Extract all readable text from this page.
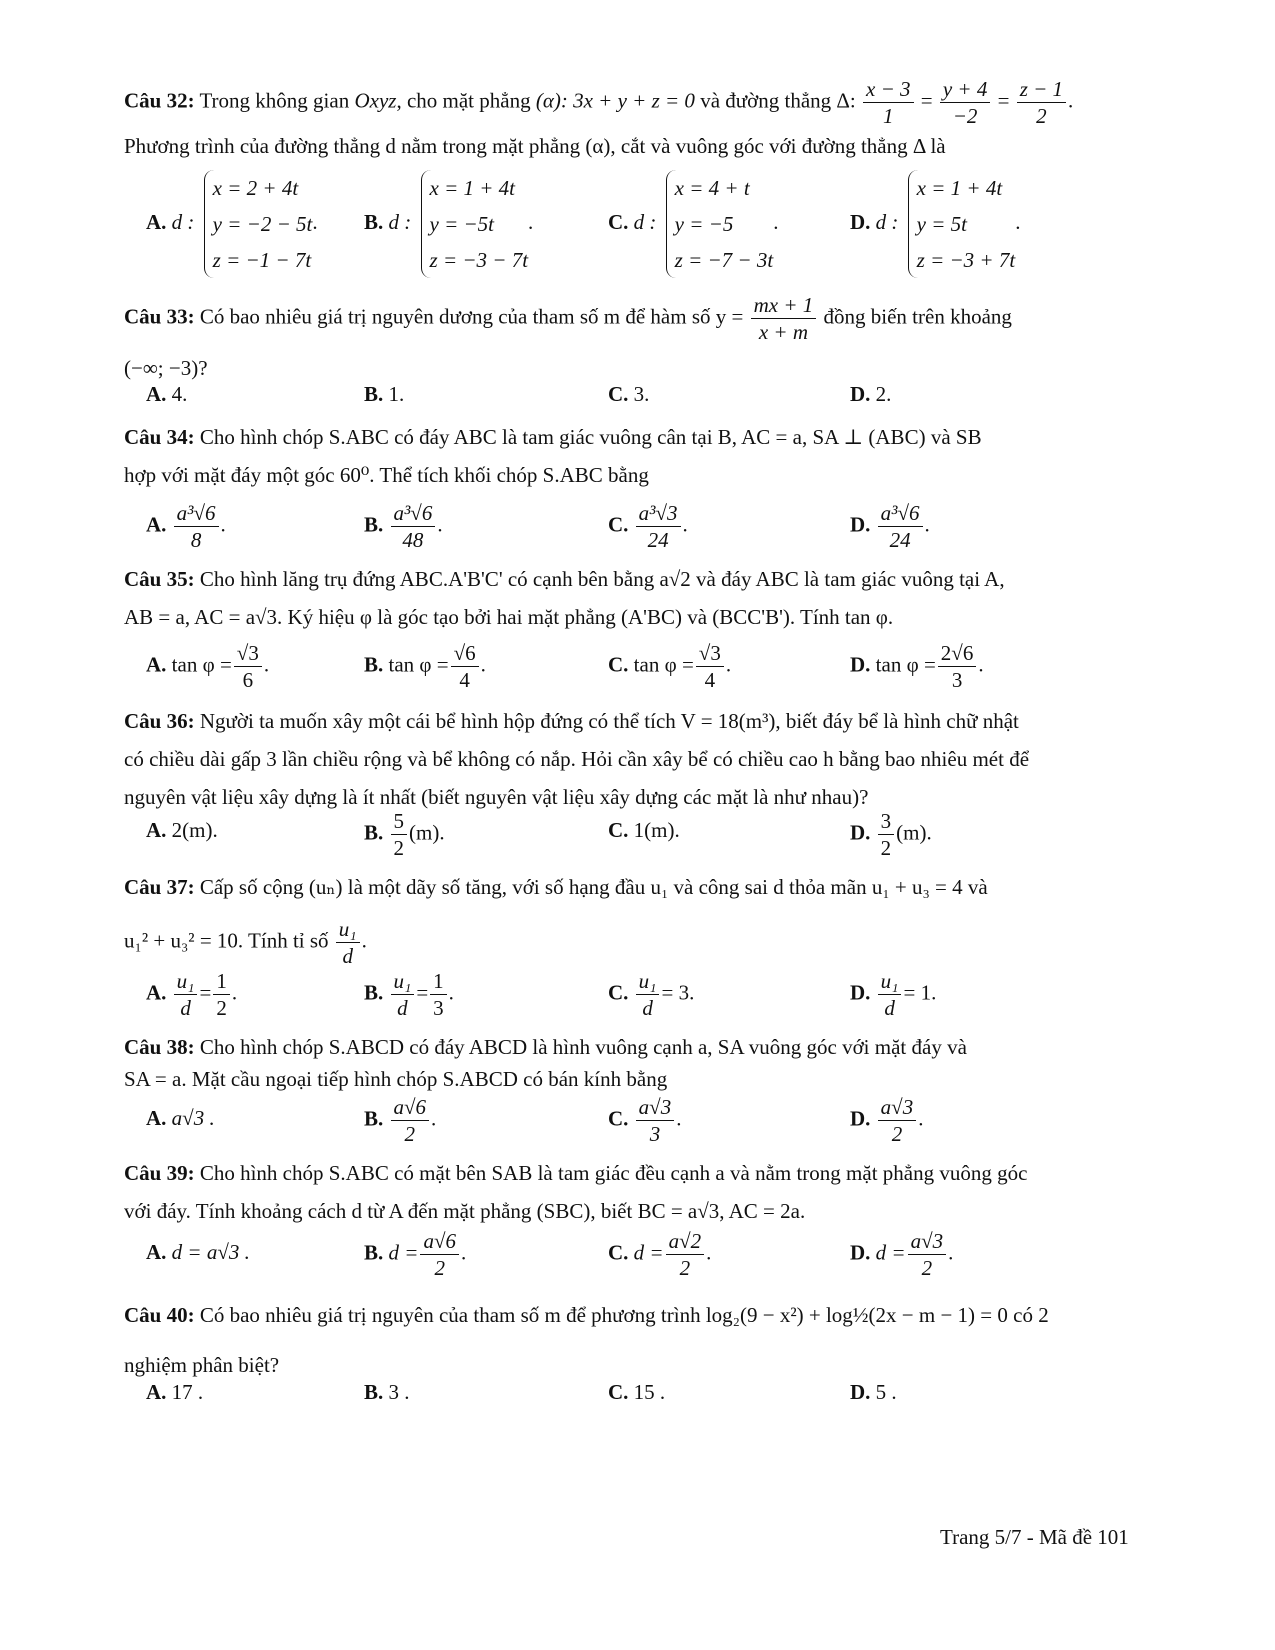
Câu 32: Trong không gian Oxyz, cho mặt phẳng (α): 3x + y + z = 0 và đường thẳng Δ: $\frac{x - 3}{1} = \frac{y + 4}{-2} = \frac{z - 1}{2}$ .
Phương trình của đường thẳng d nằm trong mặt phẳng (α), cắt và vuông góc với đường thẳng Δ là
A. d :
x = 2 + 4t
y = −2 − 5t
z = −1 − 7t
. B. d :
x = 1 + 4t
y = −5t
z = −3 − 7t
.	C. d :
x = 4 + t
y = −5
z = −7 − 3t
.	D. d :
x = 1 + 4t
y = 5t
z = −3 + 7t
.
Câu 33: Có bao nhiêu giá trị nguyên dương của tham số m để hàm số $y = \frac{mx + 1}{x + m}$ đồng biến trên khoảng
(−∞; −3)?
A. 4.	B. 1.	C. 3.	D. 2.
Câu 34: Cho hình chóp S.ABC có đáy ABC là tam giác vuông cân tại B, AC = a, SA ⊥ (ABC) và SB
hợp với mặt đáy một góc 60⁰. Thể tích khối chóp S.ABC bằng
A. $\frac{\text{a³√6}}{8}$ .	B. $\frac{\text{a³√6}}{48}$ .	C. $\frac{\text{a³√3}}{24}$ .	D. $\frac{\text{a³√6}}{24}$ .
Câu 35: Cho hình lăng trụ đứng ABC.A'B'C' có cạnh bên bằng a√2 và đáy ABC là tam giác vuông tại A,
AB = a, AC = a√3. Ký hiệu φ là góc tạo bởi hai mặt phẳng (A'BC) và (BCC'B'). Tính tan φ.
A. $\tan \varphi = \frac{√3}{6}$ .	B. $\tan \varphi = \frac{√6}{4}$ .	C. $\tan \varphi = \frac{√3}{4}$ .	D. $\tan \varphi = \frac{2√6}{3}$ .
Câu 36: Người ta muốn xây một cái bể hình hộp đứng có thể tích V = 18(m³), biết đáy bể là hình chữ nhật
có chiều dài gấp 3 lần chiều rộng và bể không có nắp. Hỏi cần xây bể có chiều cao h bằng bao nhiêu mét để
nguyên vật liệu xây dựng là ít nhất (biết nguyên vật liệu xây dựng các mặt là như nhau)?
A. 2(m).	B. $\frac{5}{2} (m)$.	C. 1(m).	D. $\frac{3}{2} (m)$.
Câu 37: Cấp số cộng (uₙ) là một dãy số tăng, với số hạng đầu u₁ và công sai d thỏa mãn u₁ + u₃ = 4 và
u₁² + u₃² = 10. Tính tỉ số $\frac{\text{u₁}}{d}$ .
A. $\frac{\text{u₁}}{d} = \frac{1}{2}$ .	B. $\frac{\text{u₁}}{d} = \frac{1}{3}$ .	C. $\frac{\text{u₁}}{d} = 3$.	D. $\frac{\text{u₁}}{d} = 1$.
Câu 38: Cho hình chóp S.ABCD có đáy ABCD là hình vuông cạnh a, SA vuông góc với mặt đáy và
SA = a. Mặt cầu ngoại tiếp hình chóp S.ABCD có bán kính bằng
A. a√3 .	B. $\frac{a√6}{2}$ .	C. $\frac{a√3}{3}$ .	D. $\frac{a√3}{2}$ .
Câu 39: Cho hình chóp S.ABC có mặt bên SAB là tam giác đều cạnh a và nằm trong mặt phẳng vuông góc
với đáy. Tính khoảng cách d từ A đến mặt phẳng (SBC), biết BC = a√3, AC = 2a.
A. d = a√3 .	B. $d = \frac{a√6}{2}$ .	C. $d = \frac{a√2}{2}$ .	D. $d = \frac{a√3}{2}$ .
Câu 40: Có bao nhiêu giá trị nguyên của tham số m để phương trình log₂(9 − x²) + log½(2x − m − 1) = 0 có 2
nghiệm phân biệt?
A. 17 .	B. 3 .	C. 15 .	D. 5 .
Trang 5/7 - Mã đề 101
